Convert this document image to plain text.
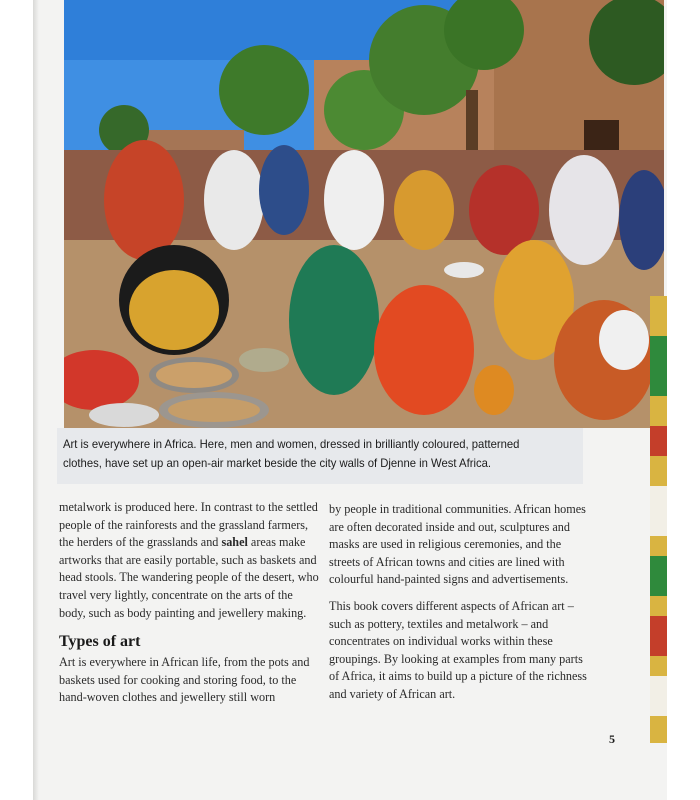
Art is everywhere in Africa. Here, men and women, dressed in brilliantly coloured, patterned clothes, have set up an open-air market beside the city walls of Djenne in West Africa.

metalwork is produced here. In contrast to the settled people of the rainforests and the grassland farmers, the herders of the grasslands and sahel areas make artworks that are easily portable, such as baskets and head stools. The wandering people of the desert, who travel very lightly, concentrate on the arts of the body, such as body painting and jewellery making.

Types of art

Art is everywhere in African life, from the pots and baskets used for cooking and storing food, to the hand-woven clothes and jewellery still worn

by people in traditional communities. African homes are often decorated inside and out, sculptures and masks are used in religious ceremonies, and the streets of African towns and cities are lined with colourful hand-painted signs and advertisements.

This book covers different aspects of African art – such as pottery, textiles and metalwork – and concentrates on individual works within these groupings. By looking at examples from many parts of Africa, it aims to build up a picture of the richness and variety of African art.

5
